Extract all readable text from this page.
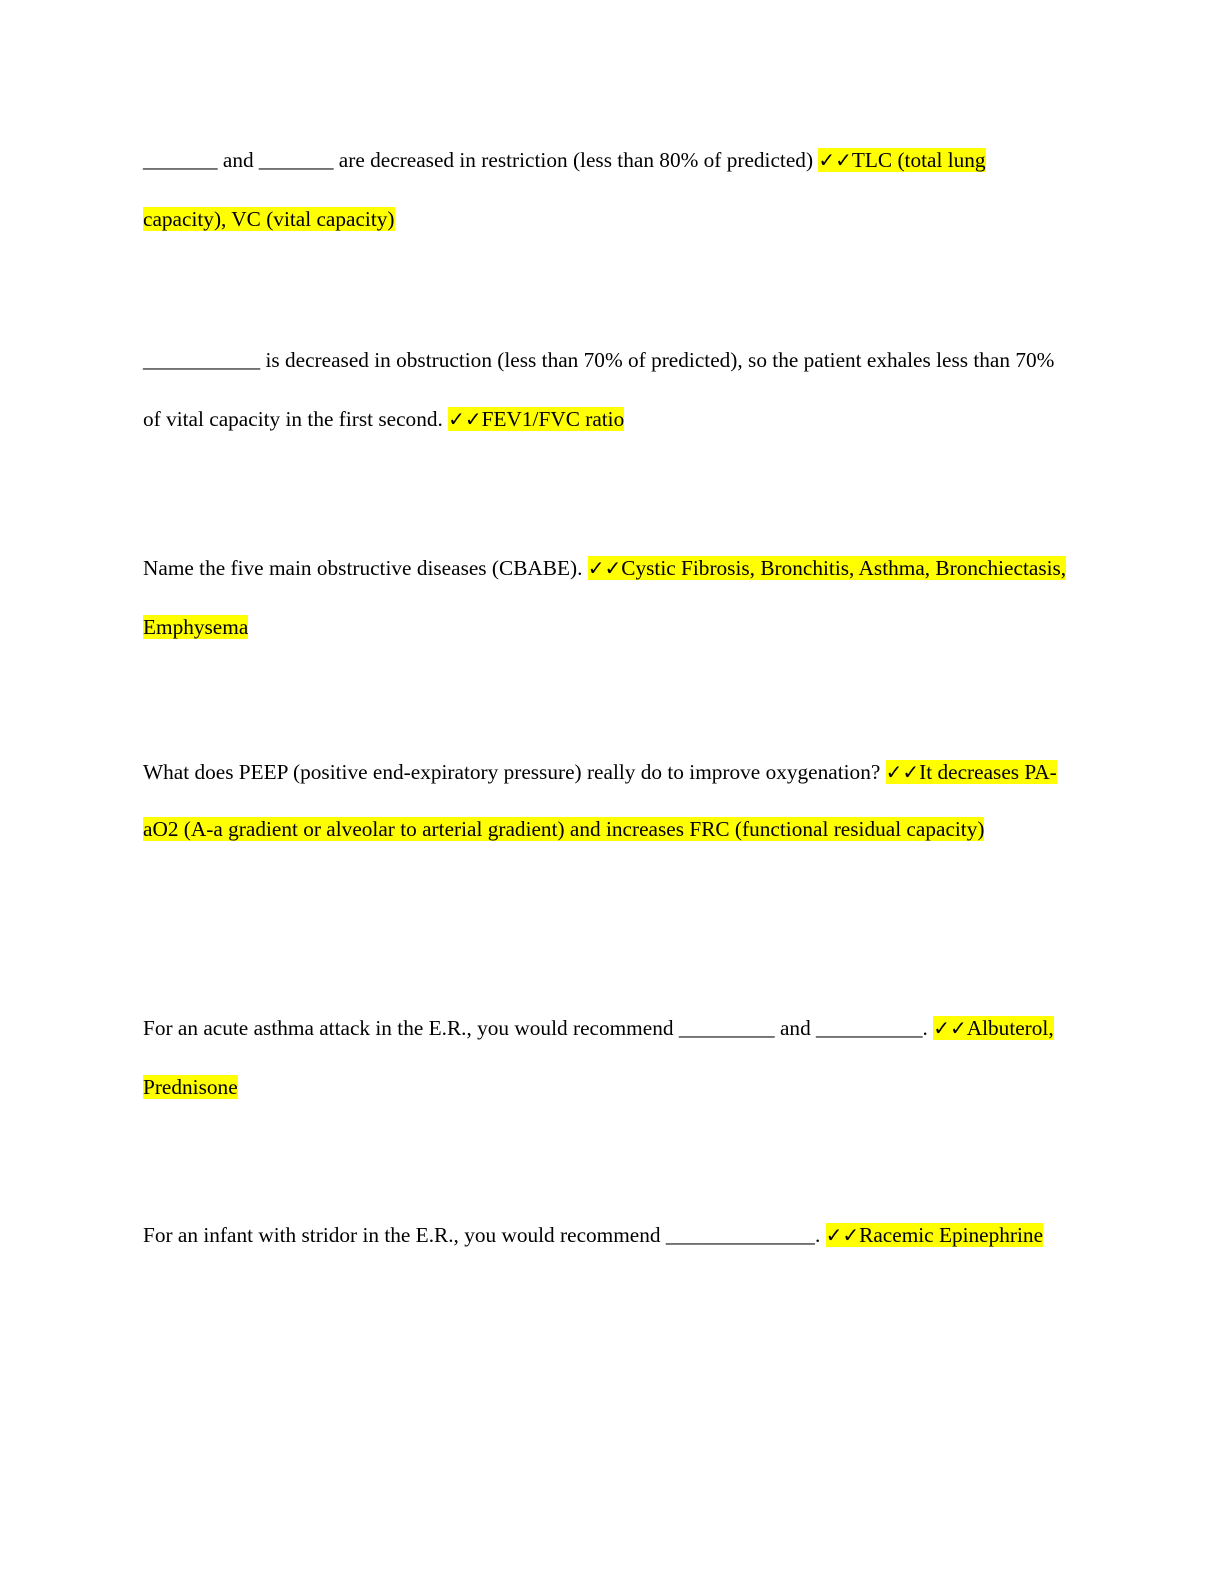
_______ and _______ are decreased in restriction (less than 80% of predicted) ✓✓TLC (total lung capacity), VC (vital capacity)

___________ is decreased in obstruction (less than 70% of predicted), so the patient exhales less than 70% of vital capacity in the first second. ✓✓FEV1/FVC ratio

Name the five main obstructive diseases (CBABE). ✓✓Cystic Fibrosis, Bronchitis, Asthma, Bronchiectasis, Emphysema

What does PEEP (positive end-expiratory pressure) really do to improve oxygenation? ✓✓It decreases PA-aO2 (A-a gradient or alveolar to arterial gradient) and increases FRC (functional residual capacity)

For an acute asthma attack in the E.R., you would recommend _________ and __________. ✓✓Albuterol, Prednisone

For an infant with stridor in the E.R., you would recommend ______________. ✓✓Racemic Epinephrine
